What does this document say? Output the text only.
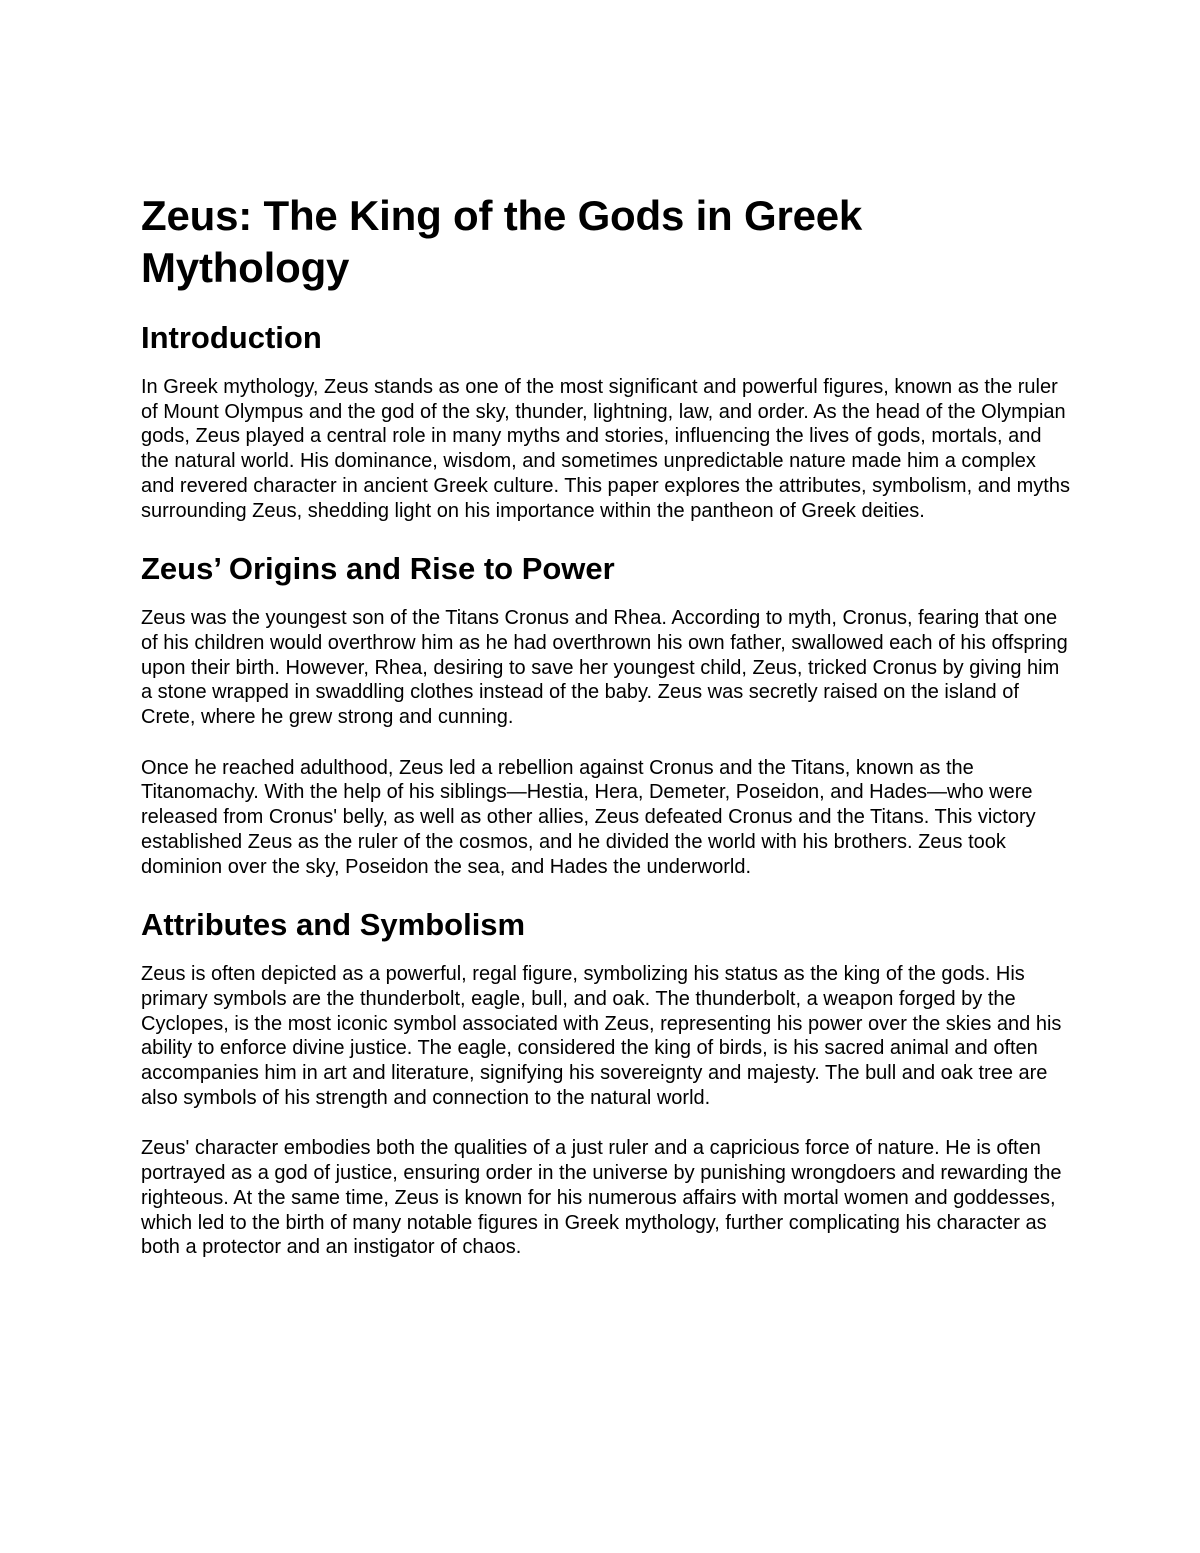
Zeus: The King of the Gods in Greek Mythology
Introduction

In Greek mythology, Zeus stands as one of the most significant and powerful figures, known as the ruler of Mount Olympus and the god of the sky, thunder, lightning, law, and order. As the head of the Olympian gods, Zeus played a central role in many myths and stories, influencing the lives of gods, mortals, and the natural world. His dominance, wisdom, and sometimes unpredictable nature made him a complex and revered character in ancient Greek culture. This paper explores the attributes, symbolism, and myths surrounding Zeus, shedding light on his importance within the pantheon of Greek deities.

Zeus’ Origins and Rise to Power

Zeus was the youngest son of the Titans Cronus and Rhea. According to myth, Cronus, fearing that one of his children would overthrow him as he had overthrown his own father, swallowed each of his offspring upon their birth. However, Rhea, desiring to save her youngest child, Zeus, tricked Cronus by giving him a stone wrapped in swaddling clothes instead of the baby. Zeus was secretly raised on the island of Crete, where he grew strong and cunning.

Once he reached adulthood, Zeus led a rebellion against Cronus and the Titans, known as the Titanomachy. With the help of his siblings—Hestia, Hera, Demeter, Poseidon, and Hades—who were released from Cronus' belly, as well as other allies, Zeus defeated Cronus and the Titans. This victory established Zeus as the ruler of the cosmos, and he divided the world with his brothers. Zeus took dominion over the sky, Poseidon the sea, and Hades the underworld.

Attributes and Symbolism

Zeus is often depicted as a powerful, regal figure, symbolizing his status as the king of the gods. His primary symbols are the thunderbolt, eagle, bull, and oak. The thunderbolt, a weapon forged by the Cyclopes, is the most iconic symbol associated with Zeus, representing his power over the skies and his ability to enforce divine justice. The eagle, considered the king of birds, is his sacred animal and often accompanies him in art and literature, signifying his sovereignty and majesty. The bull and oak tree are also symbols of his strength and connection to the natural world.

Zeus' character embodies both the qualities of a just ruler and a capricious force of nature. He is often portrayed as a god of justice, ensuring order in the universe by punishing wrongdoers and rewarding the righteous. At the same time, Zeus is known for his numerous affairs with mortal women and goddesses, which led to the birth of many notable figures in Greek mythology, further complicating his character as both a protector and an instigator of chaos.
